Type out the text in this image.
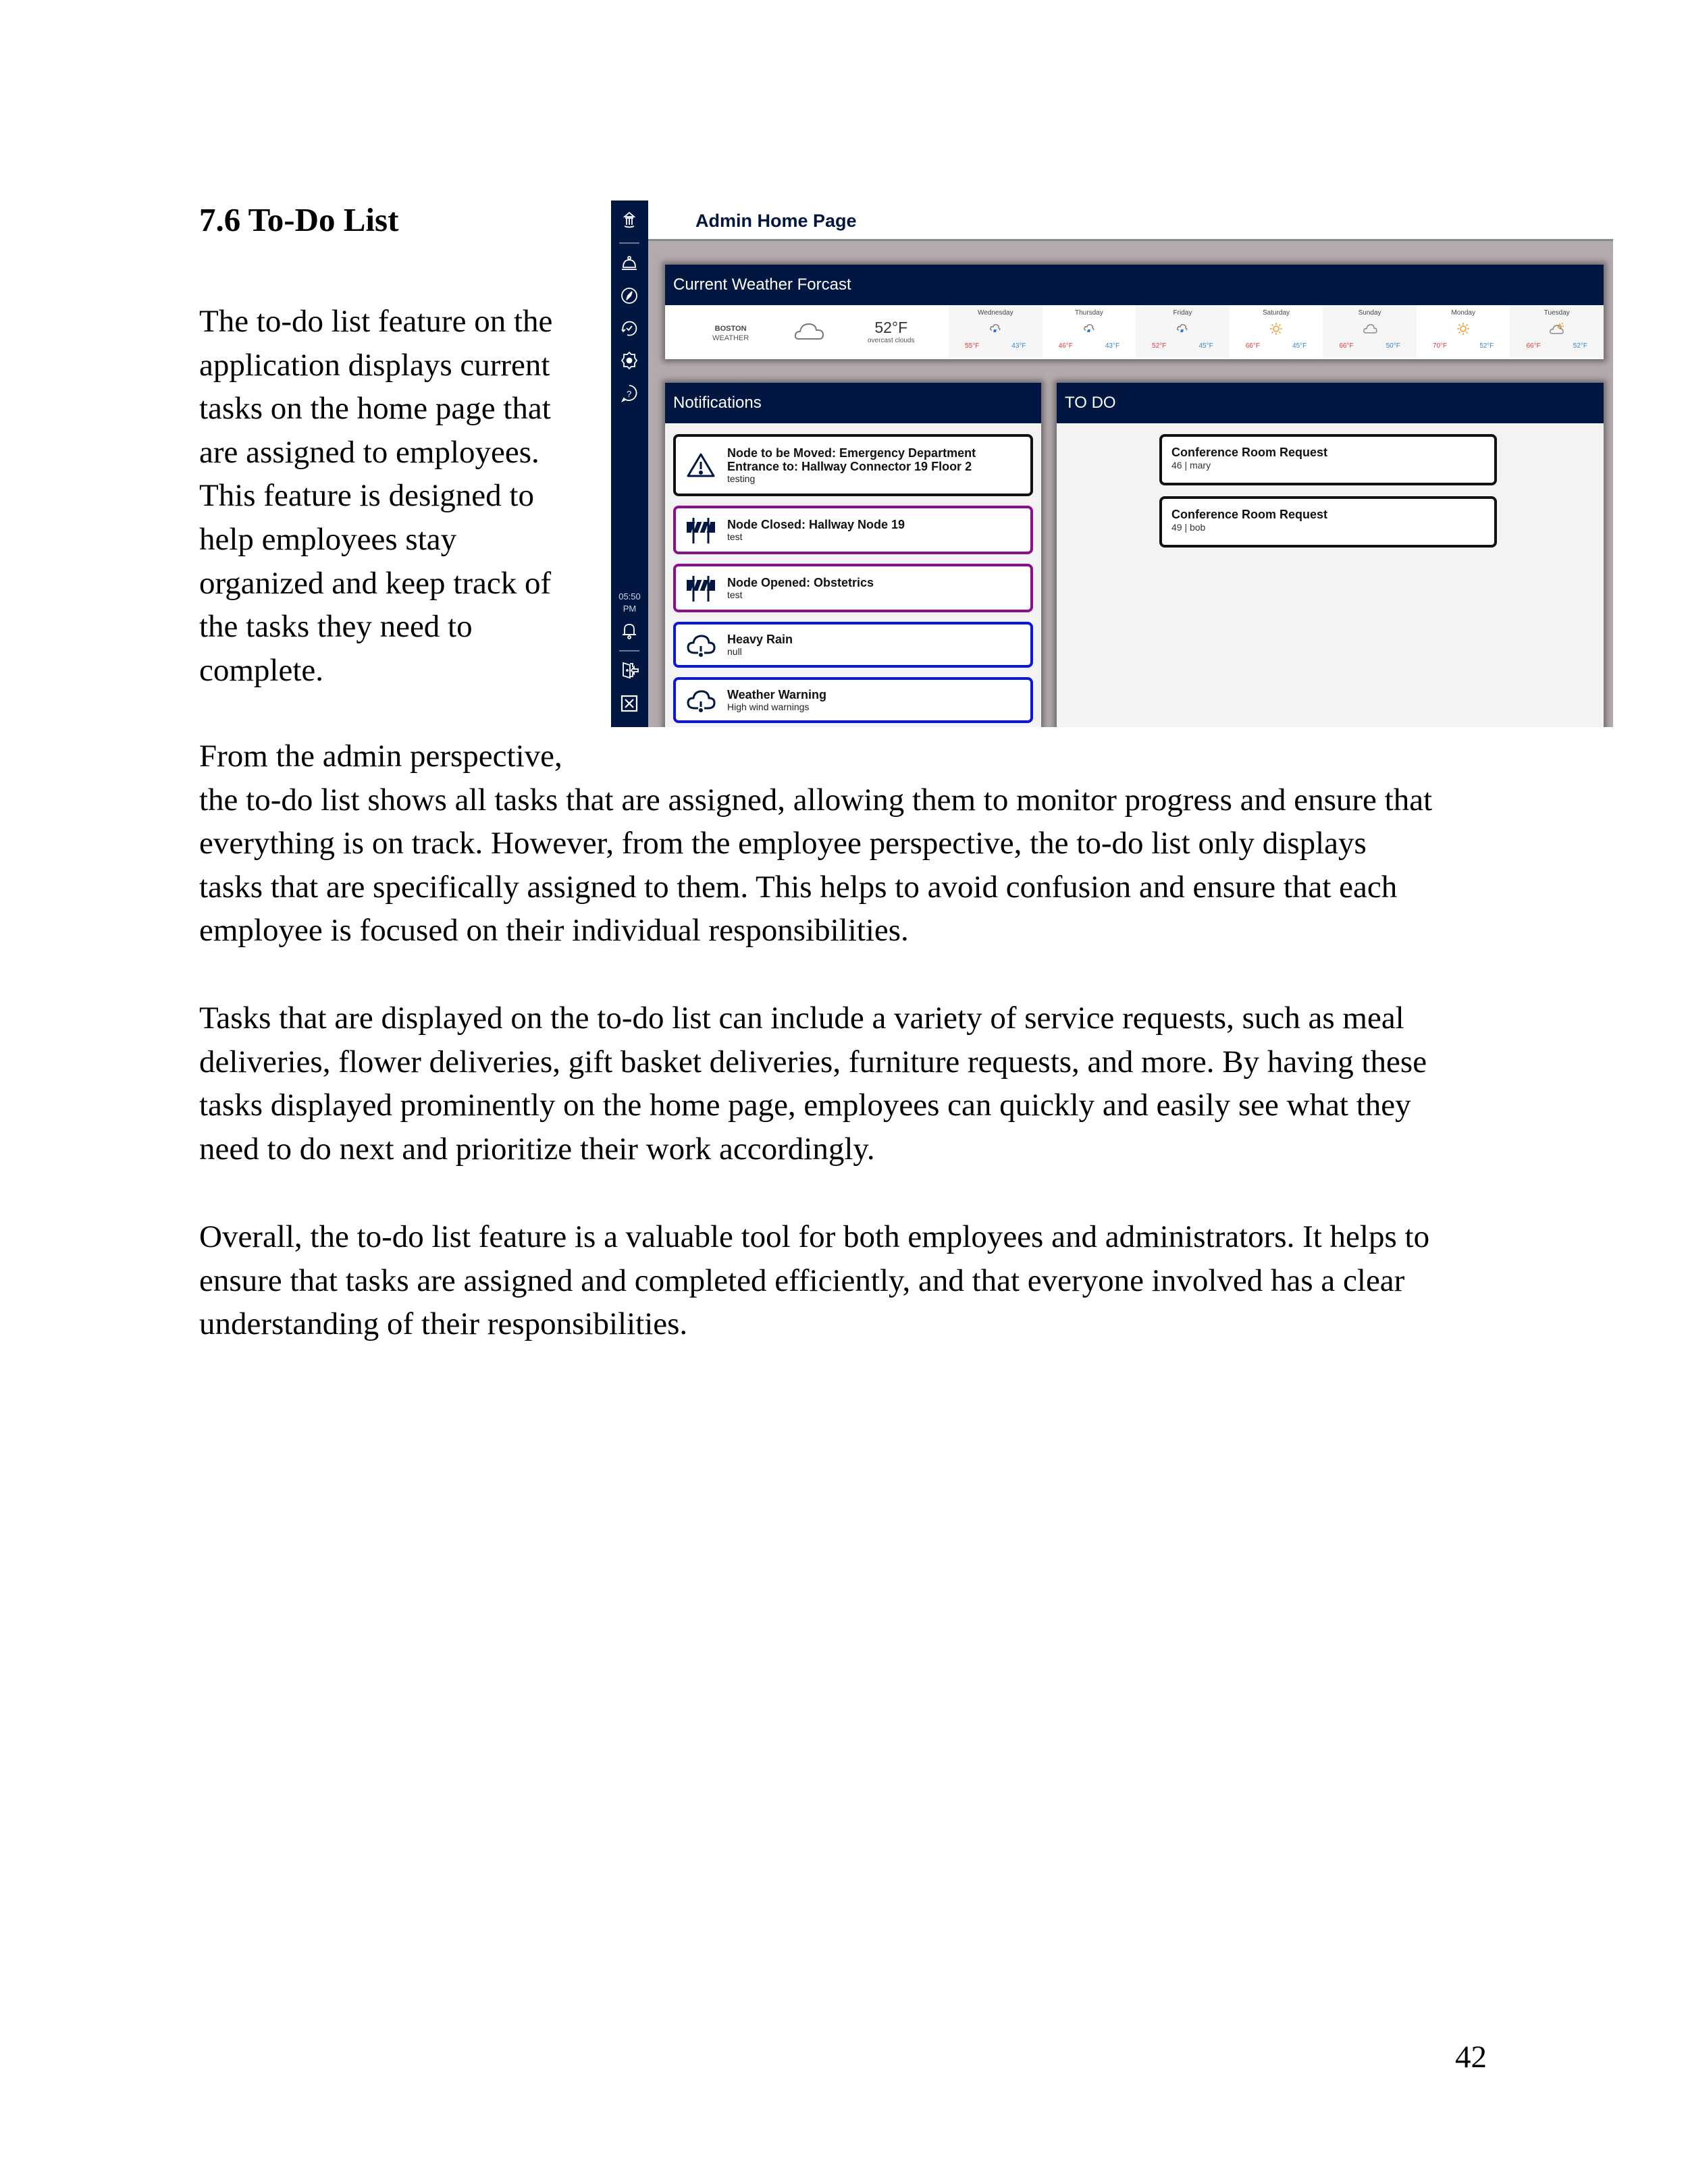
7.6 To-Do List
The to-do list feature on the
application displays current
tasks on the home page that
are assigned to employees.
This feature is designed to
help employees stay
organized and keep track of
the tasks they need to
complete.
From the admin perspective,
the to-do list shows all tasks that are assigned, allowing them to monitor progress and ensure that
everything is on track. However, from the employee perspective, the to-do list only displays
tasks that are specifically assigned to them. This helps to avoid confusion and ensure that each
employee is focused on their individual responsibilities.
Tasks that are displayed on the to-do list can include a variety of service requests, such as meal
deliveries, flower deliveries, gift basket deliveries, furniture requests, and more. By having these
tasks displayed prominently on the home page, employees can quickly and easily see what they
need to do next and prioritize their work accordingly.
Overall, the to-do list feature is a valuable tool for both employees and administrators. It helps to
ensure that tasks are assigned and completed efficiently, and that everyone involved has a clear
understanding of their responsibilities.
42
?
05:50
PM
Admin Home Page
Current Weather Forcast
BOSTON
WEATHER
52°F
overcast clouds
Wednesday
55°F	43°F
Thursday
46°F	43°F
Friday
52°F	45°F
Saturday
66°F	45°F
Sunday
66°F	50°F
Monday
70°F	52°F
Tuesday
66°F	52°F
Notifications
Node to be Moved: Emergency Department Entrance to: Hallway Connector 19 Floor 2
testing
Node Closed: Hallway Node 19
test
Node Opened: Obstetrics
test
Heavy Rain
null
Weather Warning
High wind warnings
TO DO
Conference Room Request
46 | mary
Conference Room Request
49 | bob
